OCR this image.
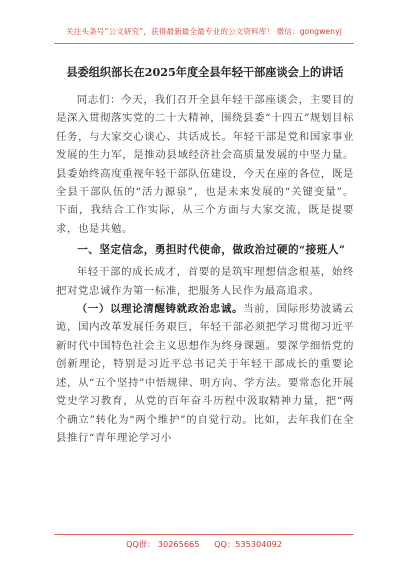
关注头条号“公文研究”，获得最新最全最专业的公文资料库！ 微信：gongwenyj
县委组织部长在2025年度全县年轻干部座谈会上的讲话

同志们：今天，我们召开全县年轻干部座谈会，主要目的是深入贯彻落实党的二十大精神，围绕县委“十四五”规划目标任务，与大家交心谈心、共话成长。年轻干部是党和国家事业发展的生力军，是推动县域经济社会高质量发展的中坚力量。县委始终高度重视年轻干部队伍建设，今天在座的各位，既是全县干部队伍的“活力源泉”，也是未来发展的“关键变量”。下面，我结合工作实际，从三个方面与大家交流，既是提要求，也是共勉。

一、坚定信念，勇担时代使命，做政治过硬的“接班人”

年轻干部的成长成才，首要的是筑牢理想信念根基，始终把对党忠诚作为第一标准，把服务人民作为最高追求。

（一）以理论清醒铸就政治忠诚。当前，国际形势波谲云诡，国内改革发展任务艰巨，年轻干部必须把学习贯彻习近平新时代中国特色社会主义思想作为终身课题。要深学细悟党的创新理论，特别是习近平总书记关于年轻干部成长的重要论述，从“五个坚持”中悟规律、明方向、学方法。要常态化开展党史学习教育，从党的百年奋斗历程中汲取精神力量，把“两个确立”转化为“两个维护”的自觉行动。比如，去年我们在全县推行“青年理论学习小

QQ群： 30265665 QQ：535304092
